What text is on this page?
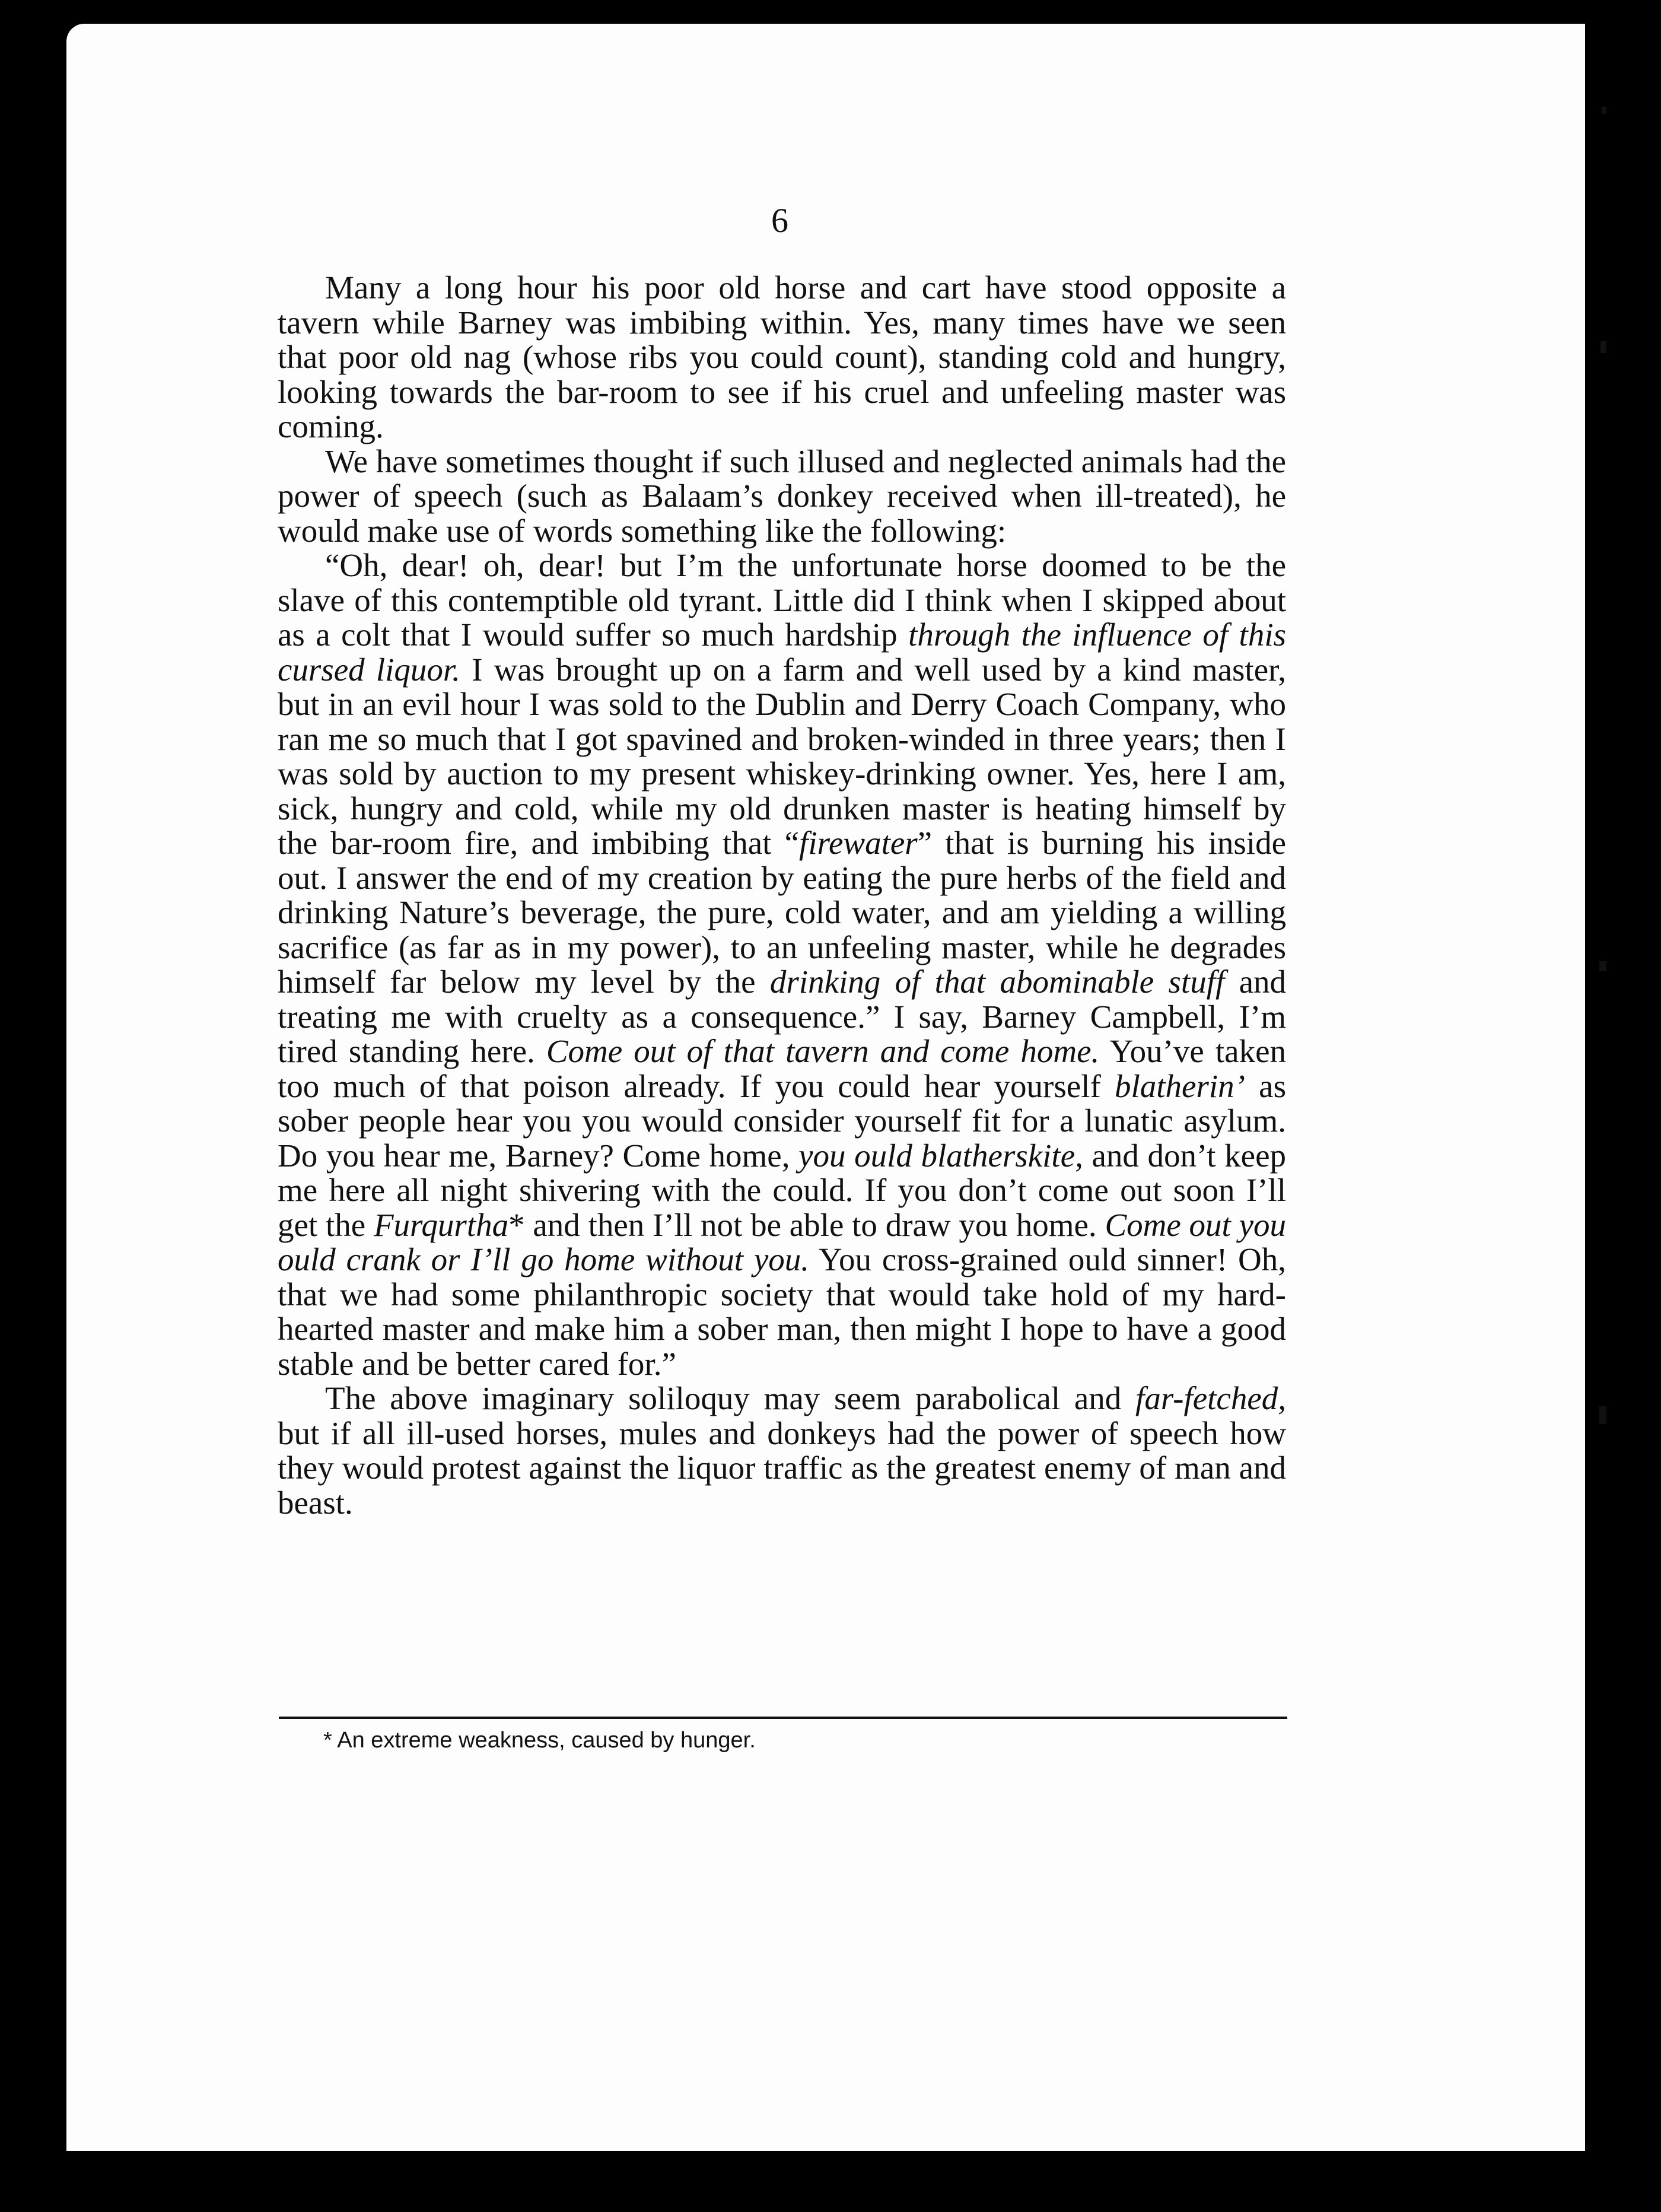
6

Many a long hour his poor old horse and cart have stood opposite a tavern while Barney was imbibing within. Yes, many times have we seen that poor old nag (whose ribs you could count), standing cold and hungry, looking towards the bar-room to see if his cruel and unfeeling master was coming.

We have sometimes thought if such illused and neglected animals had the power of speech (such as Balaam’s donkey received when ill-treated), he would make use of words something like the following:

“Oh, dear! oh, dear! but I’m the unfortunate horse doomed to be the slave of this contemptible old tyrant. Little did I think when I skipped about as a colt that I would suffer so much hardship through the influence of this cursed liquor. I was brought up on a farm and well used by a kind master, but in an evil hour I was sold to the Dublin and Derry Coach Company, who ran me so much that I got spavined and broken-winded in three years; then I was sold by auction to my present whiskey-drinking owner. Yes, here I am, sick, hungry and cold, while my old drunken master is heating himself by the bar-room fire, and imbibing that “firewater” that is burning his inside out. I answer the end of my creation by eating the pure herbs of the field and drinking Nature’s beverage, the pure, cold water, and am yielding a willing sacrifice (as far as in my power), to an unfeeling master, while he degrades himself far below my level by the drinking of that abominable stuff and treating me with cruelty as a consequence.” I say, Barney Campbell, I’m tired standing here. Come out of that tavern and come home. You’ve taken too much of that poison already. If you could hear yourself blatherin’ as sober people hear you you would consider yourself fit for a lunatic asylum. Do you hear me, Barney? Come home, you ould blatherskite, and don’t keep me here all night shivering with the could. If you don’t come out soon I’ll get the Furqurtha* and then I’ll not be able to draw you home. Come out you ould crank or I’ll go home without you. You cross-grained ould sinner! Oh, that we had some philanthropic society that would take hold of my hard-hearted master and make him a sober man, then might I hope to have a good stable and be better cared for.”

The above imaginary soliloquy may seem parabolical and far-fetched, but if all ill-used horses, mules and donkeys had the power of speech how they would protest against the liquor traffic as the greatest enemy of man and beast.

* An extreme weakness, caused by hunger.
